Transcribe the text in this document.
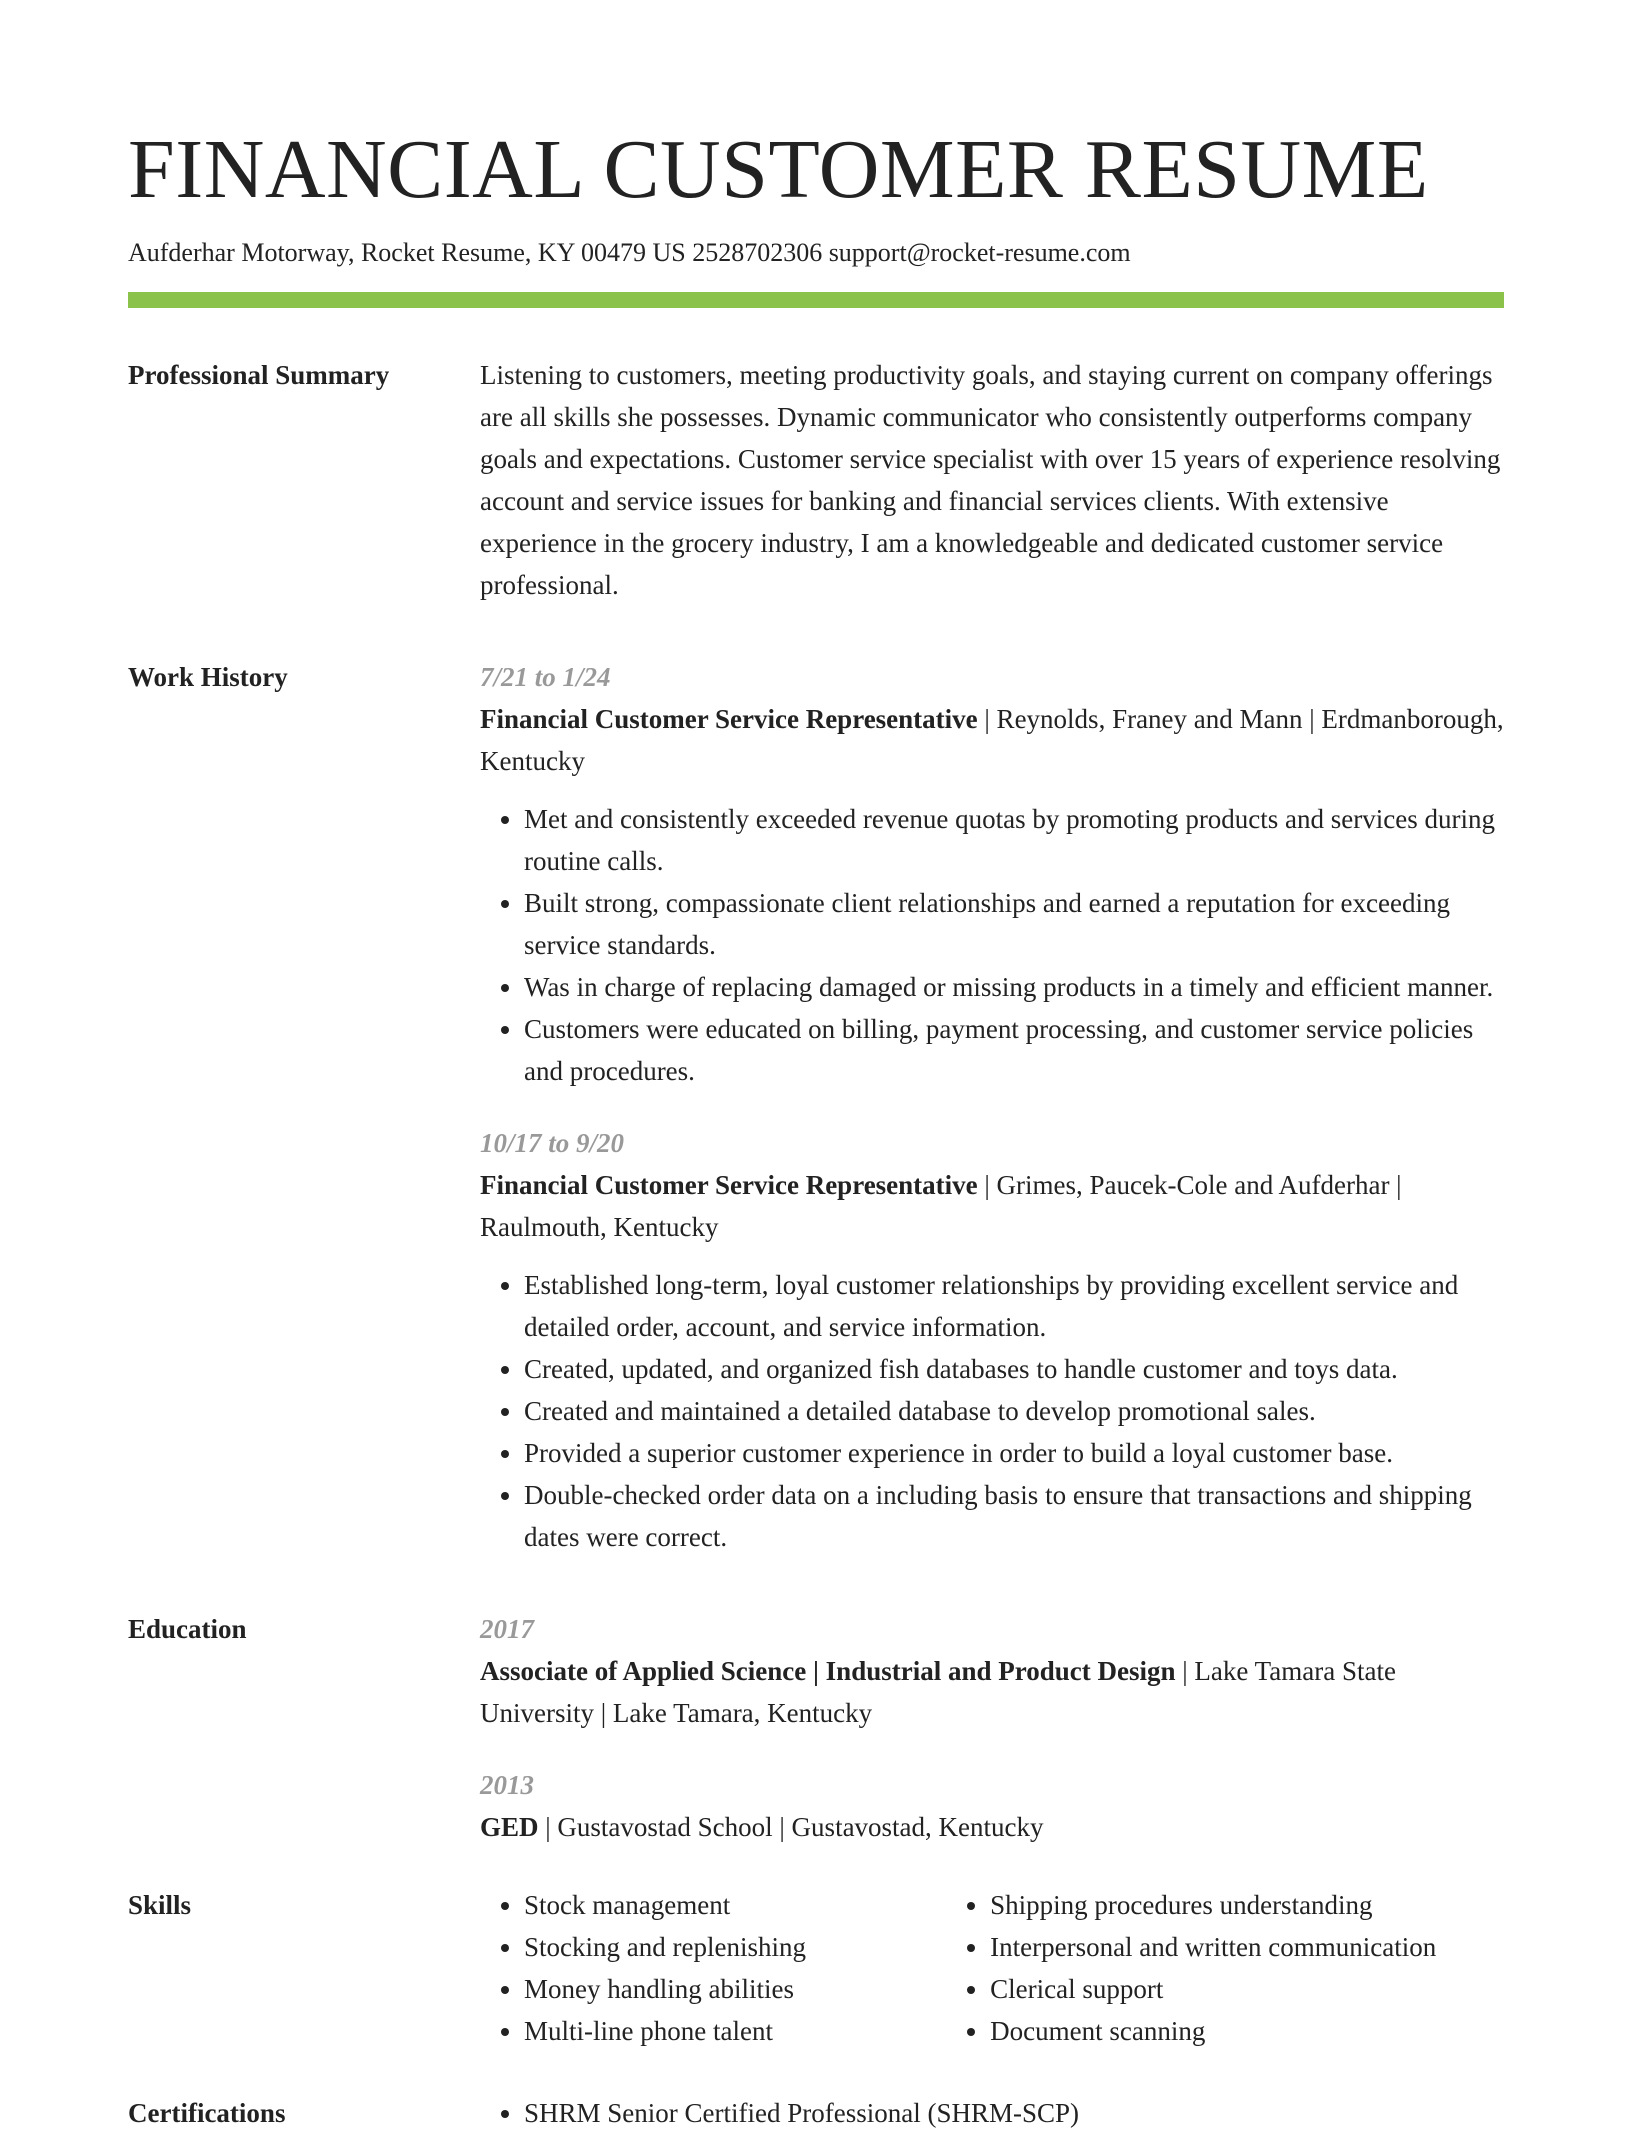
FINANCIAL CUSTOMER RESUME
Aufderhar Motorway, Rocket Resume, KY 00479 US 2528702306 support@rocket-resume.com
Professional Summary	Listening to customers, meeting productivity goals, and staying current on company offerings are all skills she possesses. Dynamic communicator who consistently outperforms company goals and expectations. Customer service specialist with over 15 years of experience resolving account and service issues for banking and financial services clients. With extensive experience in the grocery industry, I am a knowledgeable and dedicated customer service professional.

Work History	7/21 to 1/24

Financial Customer Service Representative | Reynolds, Franey and Mann | Erdmanborough, Kentucky

• Met and consistently exceeded revenue quotas by promoting products and services during routine calls.
• Built strong, compassionate client relationships and earned a reputation for exceeding service standards.
• Was in charge of replacing damaged or missing products in a timely and efficient manner.
• Customers were educated on billing, payment processing, and customer service policies and procedures.
10/17 to 9/20

Financial Customer Service Representative | Grimes, Paucek-Cole and Aufderhar | Raulmouth, Kentucky

• Established long-term, loyal customer relationships by providing excellent service and detailed order, account, and service information.
• Created, updated, and organized fish databases to handle customer and toys data.
• Created and maintained a detailed database to develop promotional sales.
• Provided a superior customer experience in order to build a loyal customer base.
• Double-checked order data on a including basis to ensure that transactions and shipping dates were correct.
Education	2017

Associate of Applied Science | Industrial and Product Design | Lake Tamara State University | Lake Tamara, Kentucky

2013

GED | Gustavostad School | Gustavostad, Kentucky

Skills	• Stock management
• Stocking and replenishing
• Money handling abilities
• Multi-line phone talent
• Shipping procedures understanding
• Interpersonal and written communication
• Clerical support
• Document scanning
Certifications	• SHRM Senior Certified Professional (SHRM-SCP)
